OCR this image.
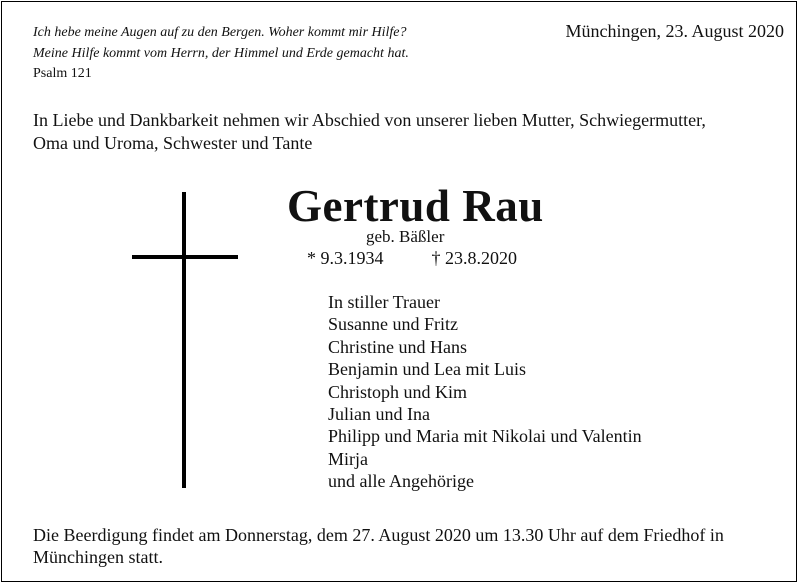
Ich hebe meine Augen auf zu den Bergen. Woher kommt mir Hilfe?
Meine Hilfe kommt vom Herrn, der Himmel und Erde gemacht hat.
Psalm 121
Münchingen, 23. August 2020
In Liebe und Dankbarkeit nehmen wir Abschied von unserer lieben Mutter, Schwiegermutter,
Oma und Uroma, Schwester und Tante
Gertrud Rau
geb. Bäßler
* 9.3.1934	† 23.8.2020
In stiller Trauer
Susanne und Fritz
Christine und Hans
Benjamin und Lea mit Luis
Christoph und Kim
Julian und Ina
Philipp und Maria mit Nikolai und Valentin
Mirja
und alle Angehörige
Die Beerdigung findet am Donnerstag, dem 27. August 2020 um 13.30 Uhr auf dem Friedhof in
Münchingen statt.
